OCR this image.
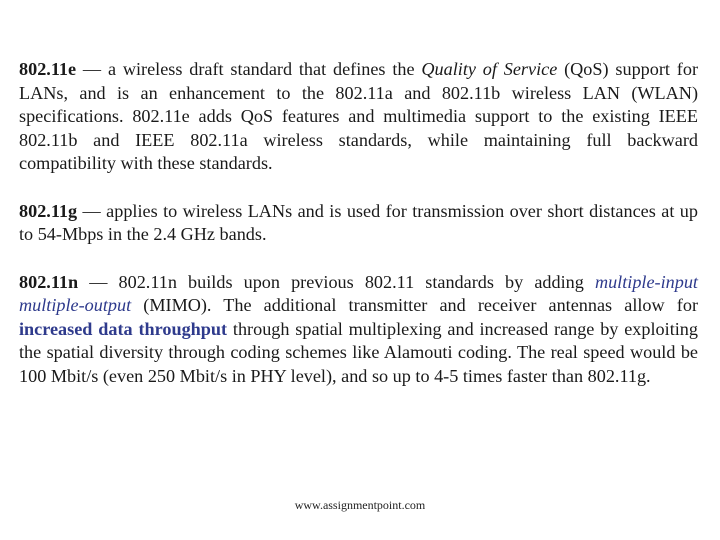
802.11e — a wireless draft standard that defines the Quality of Service (QoS) support for LANs, and is an enhancement to the 802.11a and 802.11b wireless LAN (WLAN) specifications. 802.11e adds QoS features and multimedia support to the existing IEEE 802.11b and IEEE 802.11a wireless standards, while maintaining full backward compatibility with these standards.

802.11g — applies to wireless LANs and is used for transmission over short distances at up to 54-Mbps in the 2.4 GHz bands.

802.11n — 802.11n builds upon previous 802.11 standards by adding multiple-input multiple-output (MIMO). The additional transmitter and receiver antennas allow for increased data throughput through spatial multiplexing and increased range by exploiting the spatial diversity through coding schemes like Alamouti coding. The real speed would be 100 Mbit/s (even 250 Mbit/s in PHY level), and so up to 4-5 times faster than 802.11g.

www.assignmentpoint.com
